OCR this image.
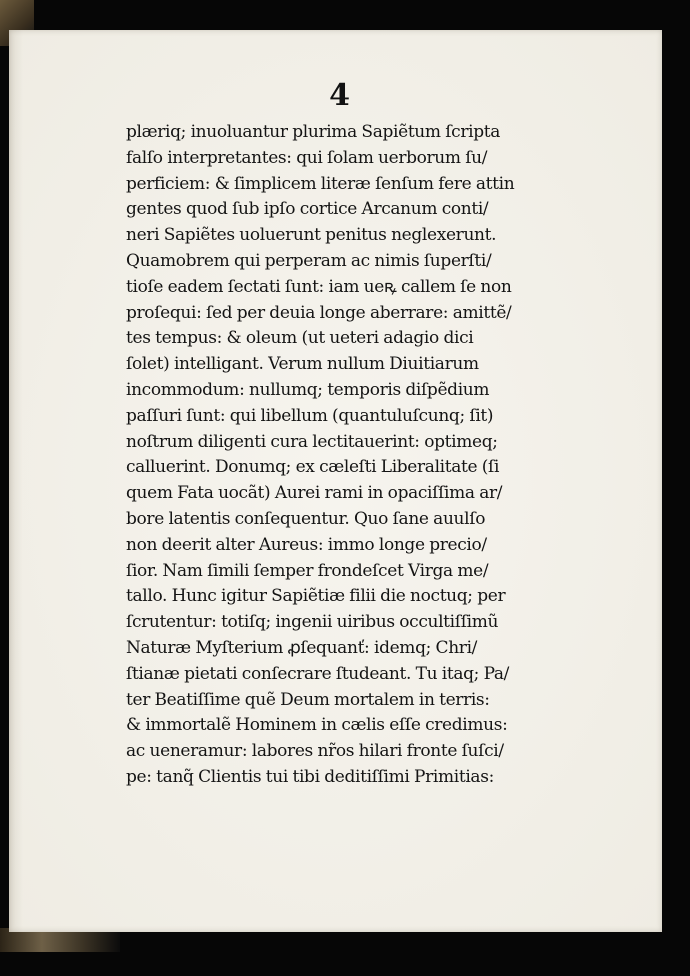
4
plæriq; inuoluantur plurima Sapiẽtum ſcripta
falſo interpretantes: qui ſolam uerborum ſu/
perficiem: & ſimplicem literæ ſenſum fere attin
gentes quod ſub ipſo cortice Arcanum conti/
neri Sapiẽtes uoluerunt penitus neglexerunt.
Quamobrem qui perperam ac nimis ſuperſti/
tioſe eadem ſectati ſunt: iam ueꝶ callem ſe non
proſequi: ſed per deuia longe aberrare: amittẽ/
tes tempus: & oleum (ut ueteri adagio dici
ſolet) intelligant. Verum nullum Diuitiarum
incommodum: nullumq; temporis diſpẽdium
paſſuri ſunt: qui libellum (quantuluſcunq; ſit)
noſtrum diligenti cura lectitauerint: optimeq;
calluerint. Donumq; ex cæleſti Liberalitate (ſi
quem Fata uocãt) Aurei rami in opaciſſima ar/
bore latentis conſequentur. Quo ſane auulſo
non deerit alter Aureus: immo longe precio/
ſior. Nam ſimili ſemper frondeſcet Virga me/
tallo. Hunc igitur Sapiẽtiæ filii die noctuq; per
ſcrutentur: totiſq; ingenii uiribus occultiſſimũ
Naturæ Myſterium ꝓſequanť: idemq; Chri/
ſtianæ pietati conſecrare ſtudeant. Tu itaq; Pa/
ter Beatiſſime quẽ Deum mortalem in terris:
& immortalẽ Hominem in cælis eſſe credimus:
ac ueneramur: labores nr̃os hilari fronte ſuſci/
pe: tanq̃ Clientis tui tibi deditiſſimi Primitias:
